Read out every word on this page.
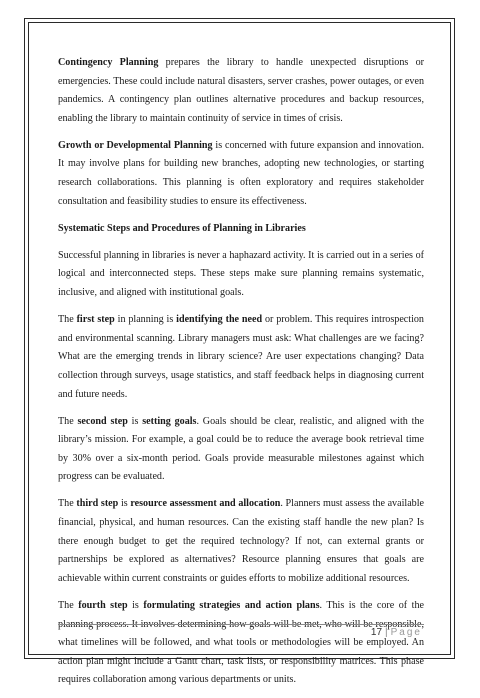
Contingency Planning prepares the library to handle unexpected disruptions or emergencies. These could include natural disasters, server crashes, power outages, or even pandemics. A contingency plan outlines alternative procedures and backup resources, enabling the library to maintain continuity of service in times of crisis.

Growth or Developmental Planning is concerned with future expansion and innovation. It may involve plans for building new branches, adopting new technologies, or starting research collaborations. This planning is often exploratory and requires stakeholder consultation and feasibility studies to ensure its effectiveness.

Systematic Steps and Procedures of Planning in Libraries

Successful planning in libraries is never a haphazard activity. It is carried out in a series of logical and interconnected steps. These steps make sure planning remains systematic, inclusive, and aligned with institutional goals.

The first step in planning is identifying the need or problem. This requires introspection and environmental scanning. Library managers must ask: What challenges are we facing? What are the emerging trends in library science? Are user expectations changing? Data collection through surveys, usage statistics, and staff feedback helps in diagnosing current and future needs.

The second step is setting goals. Goals should be clear, realistic, and aligned with the library’s mission. For example, a goal could be to reduce the average book retrieval time by 30% over a six-month period. Goals provide measurable milestones against which progress can be evaluated.

The third step is resource assessment and allocation. Planners must assess the available financial, physical, and human resources. Can the existing staff handle the new plan? Is there enough budget to get the required technology? If not, can external grants or partnerships be explored as alternatives? Resource planning ensures that goals are achievable within current constraints or guides efforts to mobilize additional resources.

The fourth step is formulating strategies and action plans. This is the core of the planning process. It involves determining how goals will be met, who will be responsible, what timelines will be followed, and what tools or methodologies will be employed. An action plan might include a Gantt chart, task lists, or responsibility matrices. This phase requires collaboration among various departments or units.

17 | Page
